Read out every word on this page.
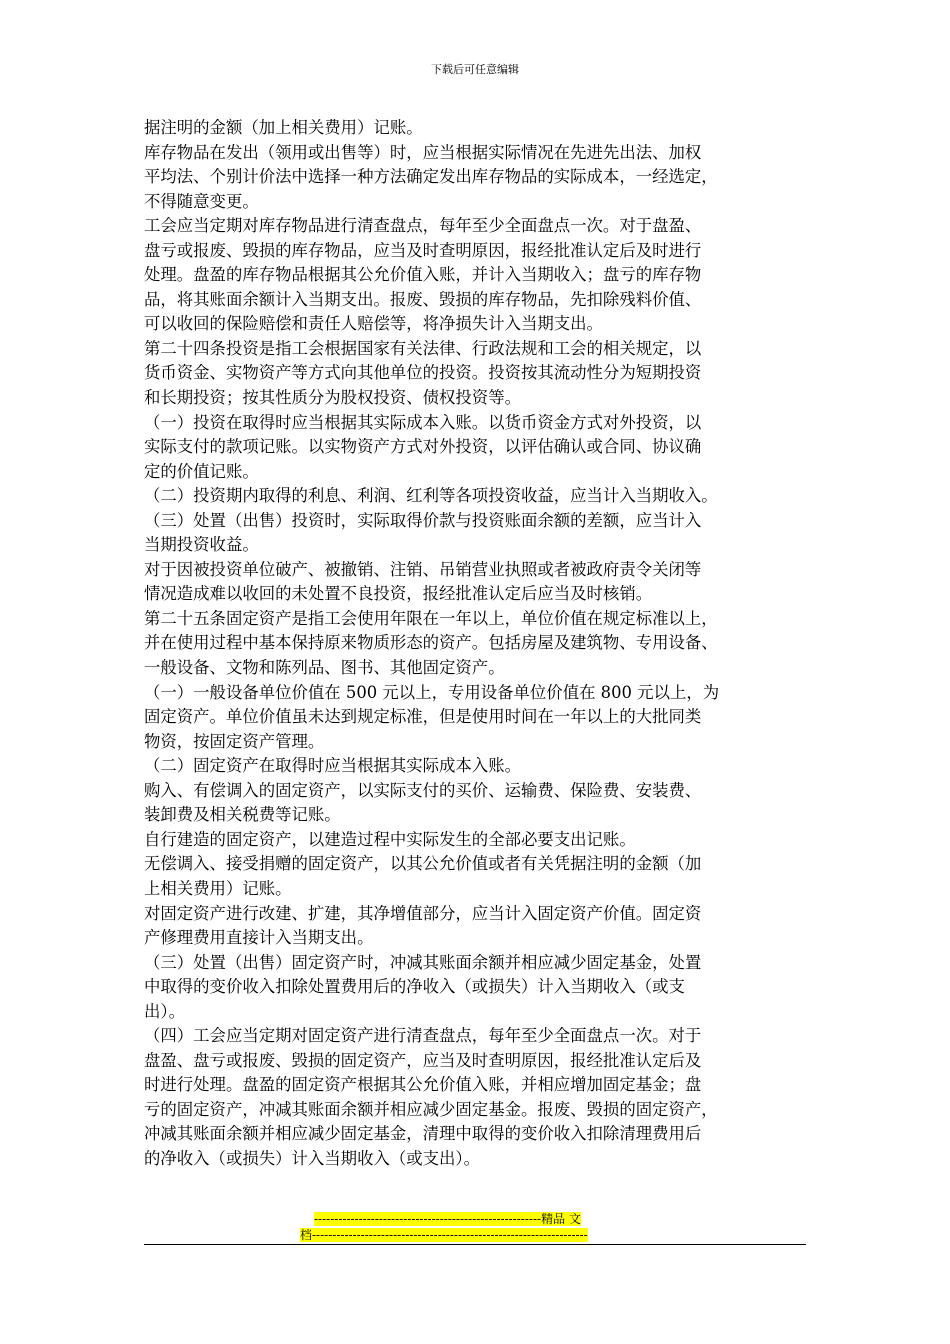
下载后可任意编辑
据注明的金额（加上相关费用）记账。
库存物品在发出（领用或出售等）时，应当根据实际情况在先进先出法、加权
平均法、个别计价法中选择一种方法确定发出库存物品的实际成本，一经选定，
不得随意变更。
工会应当定期对库存物品进行清查盘点，每年至少全面盘点一次。对于盘盈、
盘亏或报废、毁损的库存物品，应当及时查明原因，报经批准认定后及时进行
处理。盘盈的库存物品根据其公允价值入账，并计入当期收入；盘亏的库存物
品，将其账面余额计入当期支出。报废、毁损的库存物品，先扣除残料价值、
可以收回的保险赔偿和责任人赔偿等，将净损失计入当期支出。
第二十四条投资是指工会根据国家有关法律、行政法规和工会的相关规定，以
货币资金、实物资产等方式向其他单位的投资。投资按其流动性分为短期投资
和长期投资；按其性质分为股权投资、债权投资等。
（一）投资在取得时应当根据其实际成本入账。以货币资金方式对外投资，以
实际支付的款项记账。以实物资产方式对外投资，以评估确认或合同、协议确
定的价值记账。
（二）投资期内取得的利息、利润、红利等各项投资收益，应当计入当期收入。
（三）处置（出售）投资时，实际取得价款与投资账面余额的差额，应当计入
当期投资收益。
对于因被投资单位破产、被撤销、注销、吊销营业执照或者被政府责令关闭等
情况造成难以收回的未处置不良投资，报经批准认定后应当及时核销。
第二十五条固定资产是指工会使用年限在一年以上，单位价值在规定标准以上，
并在使用过程中基本保持原来物质形态的资产。包括房屋及建筑物、专用设备、
一般设备、文物和陈列品、图书、其他固定资产。
（一）一般设备单位价值在 500 元以上，专用设备单位价值在 800 元以上，为
固定资产。单位价值虽未达到规定标准，但是使用时间在一年以上的大批同类
物资，按固定资产管理。
（二）固定资产在取得时应当根据其实际成本入账。
购入、有偿调入的固定资产，以实际支付的买价、运输费、保险费、安装费、
装卸费及相关税费等记账。
自行建造的固定资产，以建造过程中实际发生的全部必要支出记账。
无偿调入、接受捐赠的固定资产，以其公允价值或者有关凭据注明的金额（加
上相关费用）记账。
对固定资产进行改建、扩建，其净增值部分，应当计入固定资产价值。固定资
产修理费用直接计入当期支出。
（三）处置（出售）固定资产时，冲减其账面余额并相应减少固定基金，处置
中取得的变价收入扣除处置费用后的净收入（或损失）计入当期收入（或支
出）。
（四）工会应当定期对固定资产进行清查盘点，每年至少全面盘点一次。对于
盘盈、盘亏或报废、毁损的固定资产，应当及时查明原因，报经批准认定后及
时进行处理。盘盈的固定资产根据其公允价值入账，并相应增加固定基金；盘
亏的固定资产，冲减其账面余额并相应减少固定基金。报废、毁损的固定资产，
冲减其账面余额并相应减少固定基金，清理中取得的变价收入扣除清理费用后
的净收入（或损失）计入当期收入（或支出）。
--------------------------------------------------------精品 文
档--------------------------------------------------------------------
